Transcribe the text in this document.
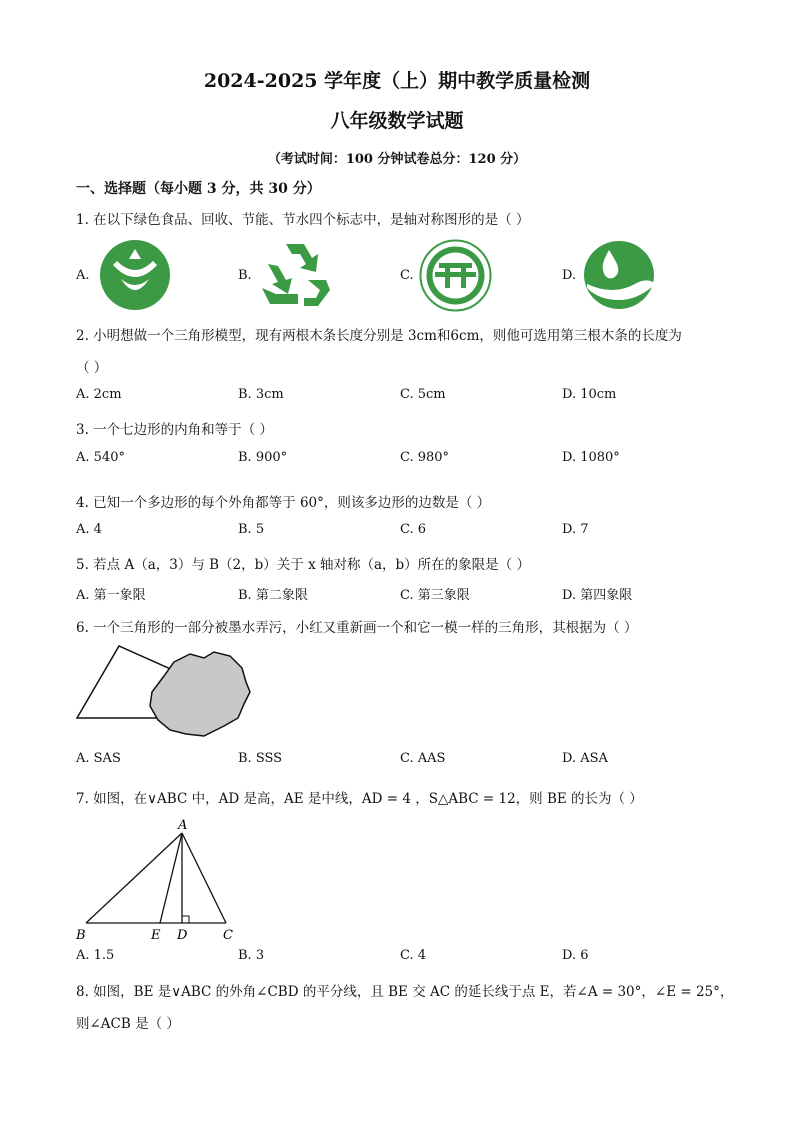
2024-2025 学年度（上）期中教学质量检测
八年级数学试题
（考试时间：100 分钟试卷总分：120 分）
一、选择题（每小题 3 分，共 30 分）
1. 在以下绿色食品、回收、节能、节水四个标志中，是轴对称图形的是（ ）
A.	B.	C.	D.
2. 小明想做一个三角形模型，现有两根木条长度分别是 3cm和6cm，则他可选用第三根木条的长度为
（ ）
A. 2cm	B. 3cm	C. 5cm	D. 10cm
3. 一个七边形的内角和等于（ ）
A. 540°	B. 900°	C. 980°	D. 1080°
4. 已知一个多边形的每个外角都等于 60°，则该多边形的边数是（ ）
A. 4	B. 5	C. 6	D. 7
5. 若点 A（a，3）与 B（2，b）关于 x 轴对称（a，b）所在的象限是（ ）
A. 第一象限	B. 第二象限	C. 第三象限	D. 第四象限
6. 一个三角形的一部分被墨水弄污，小红又重新画一个和它一模一样的三角形，其根据为（ ）
A. SAS	B. SSS	C. AAS	D. ASA
7. 如图，在∨ABC 中，AD 是高，AE 是中线，AD = 4 ，S△ABC = 12，则 BE 的长为（ ）
A
B	E D	C
A. 1.5	B. 3	C. 4	D. 6
8. 如图，BE 是∨ABC 的外角∠CBD 的平分线，且 BE 交 AC 的延长线于点 E，若∠A = 30°，∠E = 25°，
则∠ACB 是（ ）
